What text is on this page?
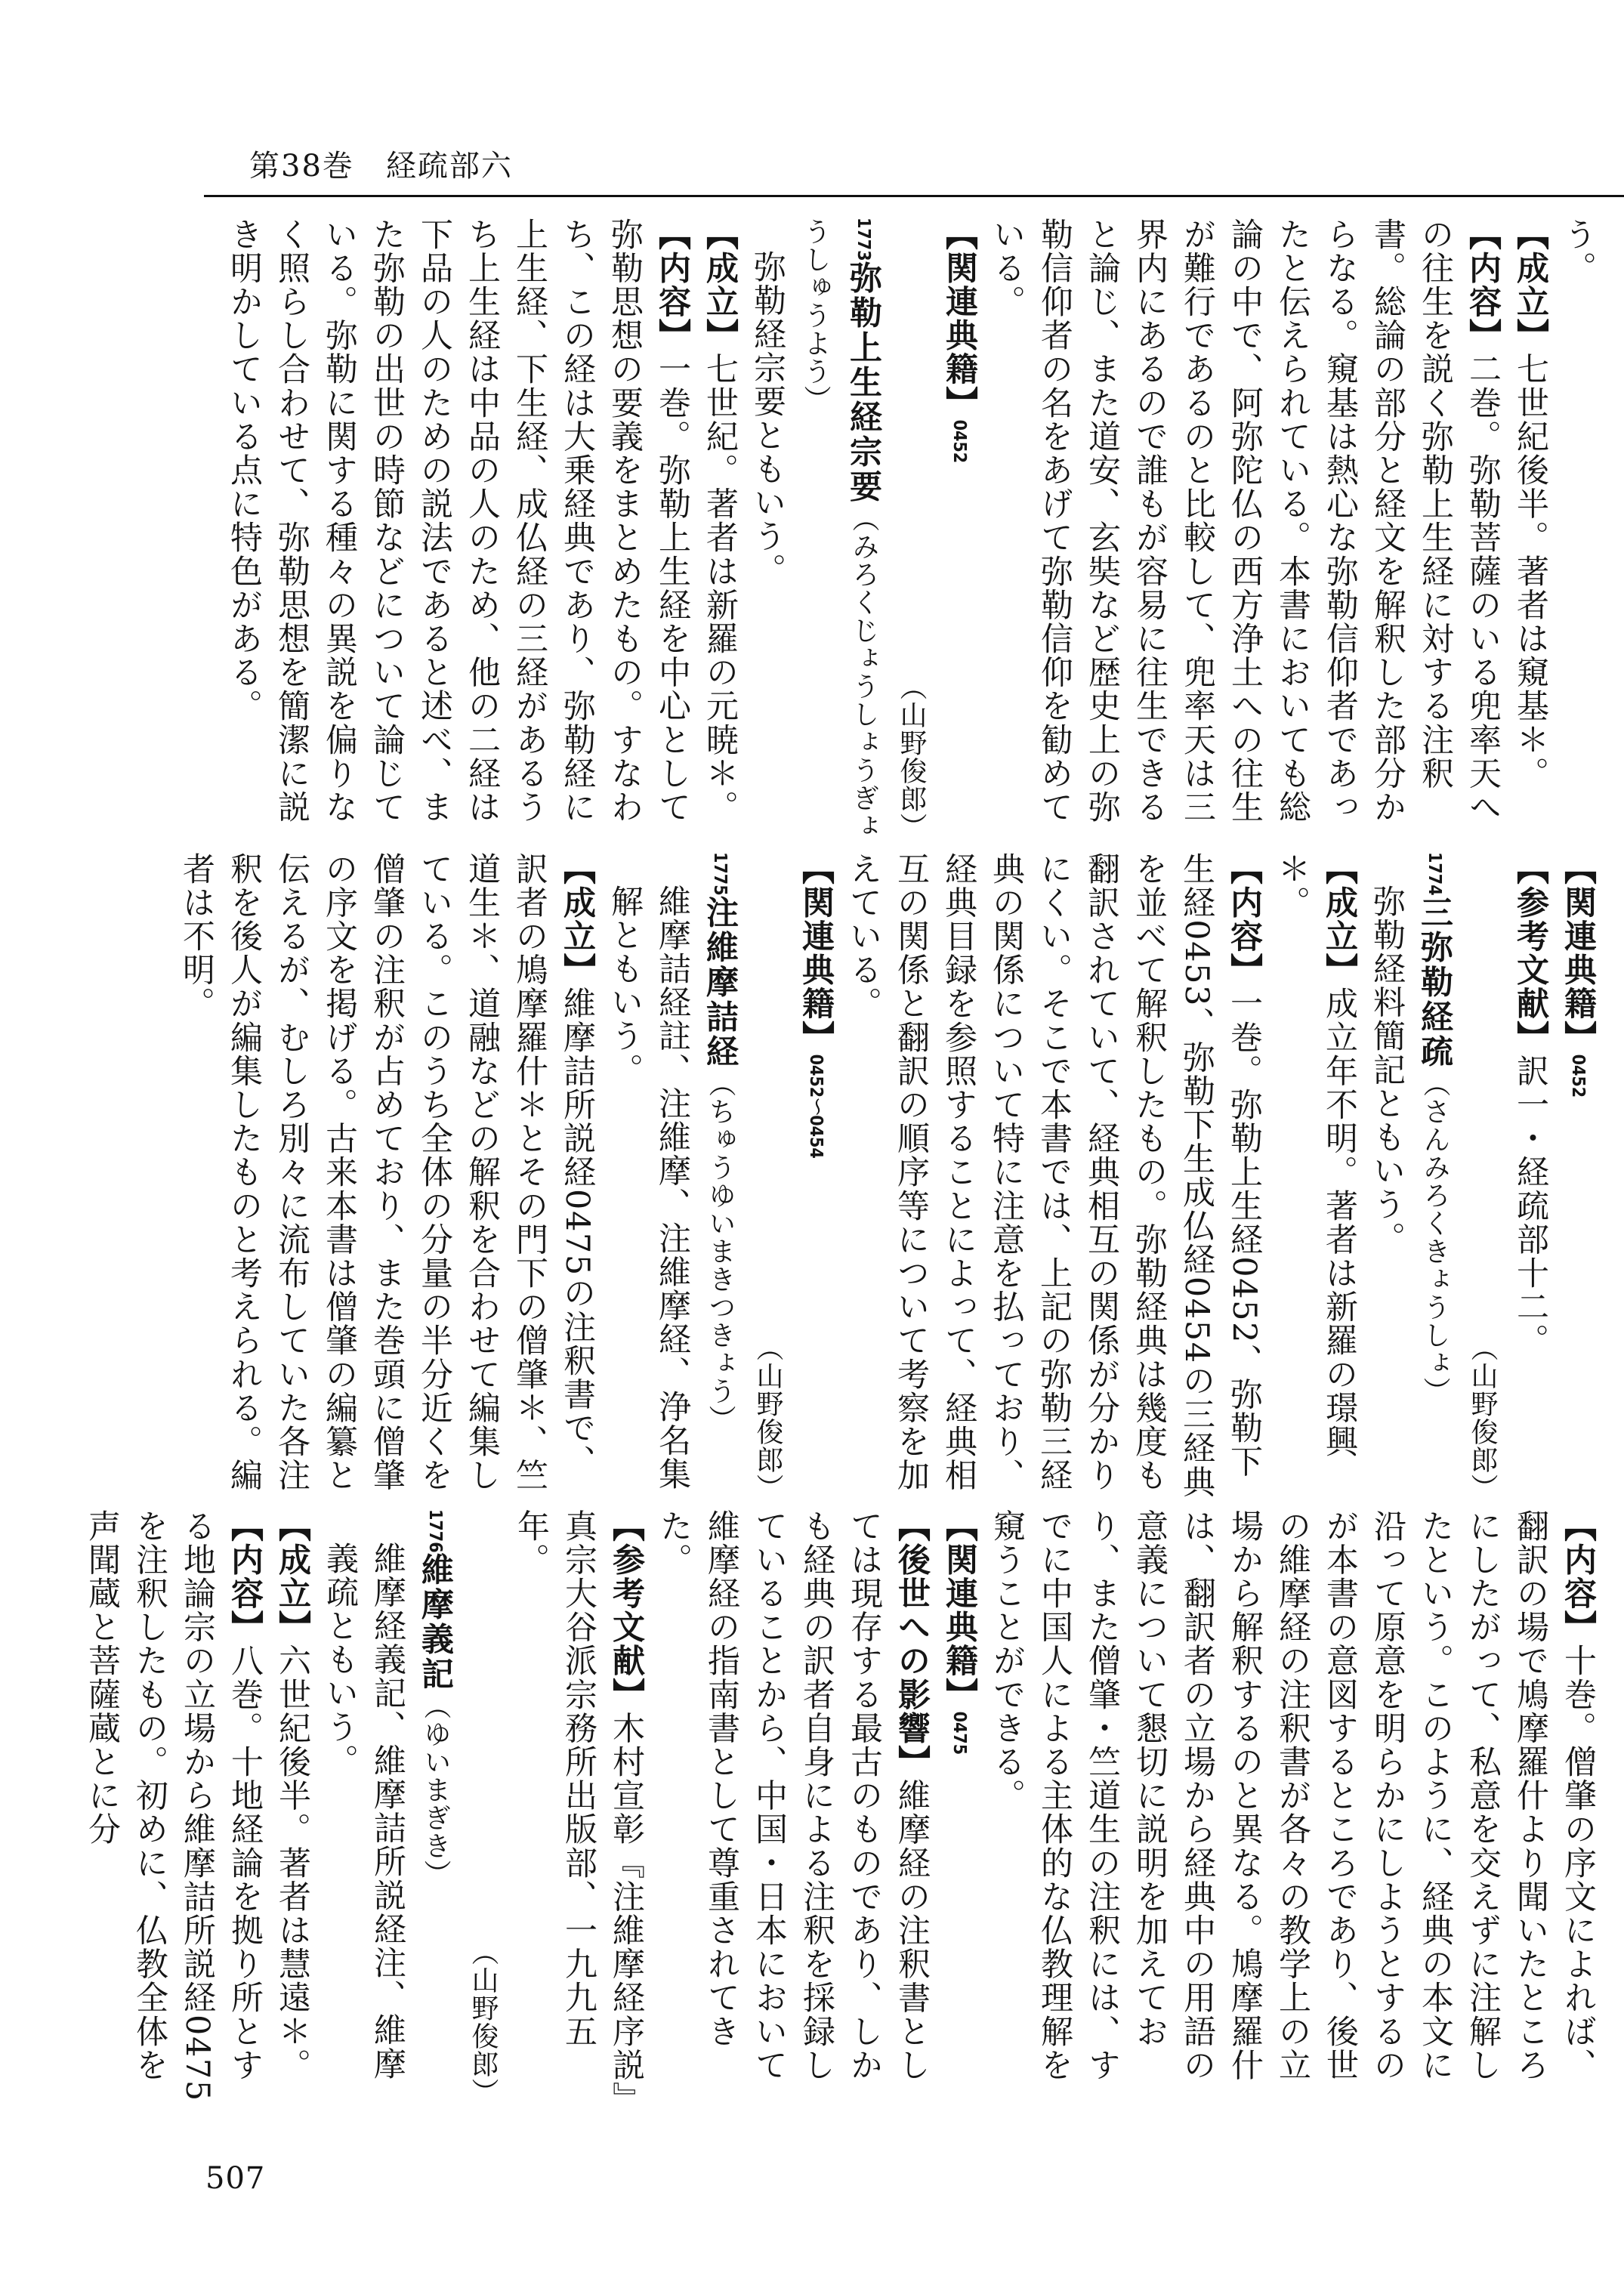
第38巻　経疏部六

う。

【成立】七世紀後半。著者は窺基＊。

【内容】二巻。弥勒菩薩のいる兜率天への往生を説く弥勒上生経に対する注釈書。総論の部分と経文を解釈した部分からなる。窺基は熱心な弥勒信仰者であったと伝えられている。本書においても総論の中で、阿弥陀仏の西方浄土への往生が難行であるのと比較して、兜率天は三界内にあるので誰もが容易に往生できると論じ、また道安、玄奘など歴史上の弥勒信仰者の名をあげて弥勒信仰を勧めている。

【関連典籍】0452

（山野俊郎）

1773弥勒上生経宗要（みろくじょうしょうぎょうしゅうよう）

弥勒経宗要ともいう。

【成立】七世紀。著者は新羅の元暁＊。

【内容】一巻。弥勒上生経を中心として弥勒思想の要義をまとめたもの。すなわち、この経は大乗経典であり、弥勒経に上生経、下生経、成仏経の三経があるうち上生経は中品の人のため、他の二経は下品の人のための説法であると述べ、また弥勒の出世の時節などについて論じている。弥勒に関する種々の異説を偏りなく照らし合わせて、弥勒思想を簡潔に説き明かしている点に特色がある。

【関連典籍】0452

【参考文献】訳一・経疏部十二。

（山野俊郎）

1774三弥勒経疏（さんみろくきょうしょ）

弥勒経料簡記ともいう。

【成立】成立年不明。著者は新羅の璟興＊。

【内容】一巻。弥勒上生経0452、弥勒下生経0453、弥勒下生成仏経0454の三経典を並べて解釈したもの。弥勒経典は幾度も翻訳されていて、経典相互の関係が分かりにくい。そこで本書では、上記の弥勒三経典の関係について特に注意を払っており、経典目録を参照することによって、経典相互の関係と翻訳の順序等について考察を加えている。

【関連典籍】0452〜0454

（山野俊郎）

1775注維摩詰経（ちゅうゆいまきつきょう）

維摩詰経註、注維摩、注維摩経、浄名集解ともいう。

【成立】維摩詰所説経0475の注釈書で、訳者の鳩摩羅什＊とその門下の僧肇＊、竺道生＊、道融などの解釈を合わせて編集している。このうち全体の分量の半分近くを僧肇の注釈が占めており、また巻頭に僧肇の序文を掲げる。古来本書は僧肇の編纂と伝えるが、むしろ別々に流布していた各注釈を後人が編集したものと考えられる。編者は不明。

【内容】十巻。僧肇の序文によれば、翻訳の場で鳩摩羅什より聞いたところにしたがって、私意を交えずに注解したという。このように、経典の本文に沿って原意を明らかにしようとするのが本書の意図するところであり、後世の維摩経の注釈書が各々の教学上の立場から解釈するのと異なる。鳩摩羅什は、翻訳者の立場から経典中の用語の意義について懇切に説明を加えており、また僧肇・竺道生の注釈には、すでに中国人による主体的な仏教理解を窺うことができる。

【関連典籍】0475

【後世への影響】維摩経の注釈書としては現存する最古のものであり、しかも経典の訳者自身による注釈を採録していることから、中国・日本において維摩経の指南書として尊重されてきた。

【参考文献】木村宣彰『注維摩経序説』真宗大谷派宗務所出版部、一九九五年。

（山野俊郎）

1776維摩義記（ゆいまぎき）

維摩経義記、維摩詰所説経注、維摩義疏ともいう。

【成立】六世紀後半。著者は慧遠＊。

【内容】八巻。十地経論を拠り所とする地論宗の立場から維摩詰所説経0475を注釈したもの。初めに、仏教全体を声聞蔵と菩薩蔵とに分

507
